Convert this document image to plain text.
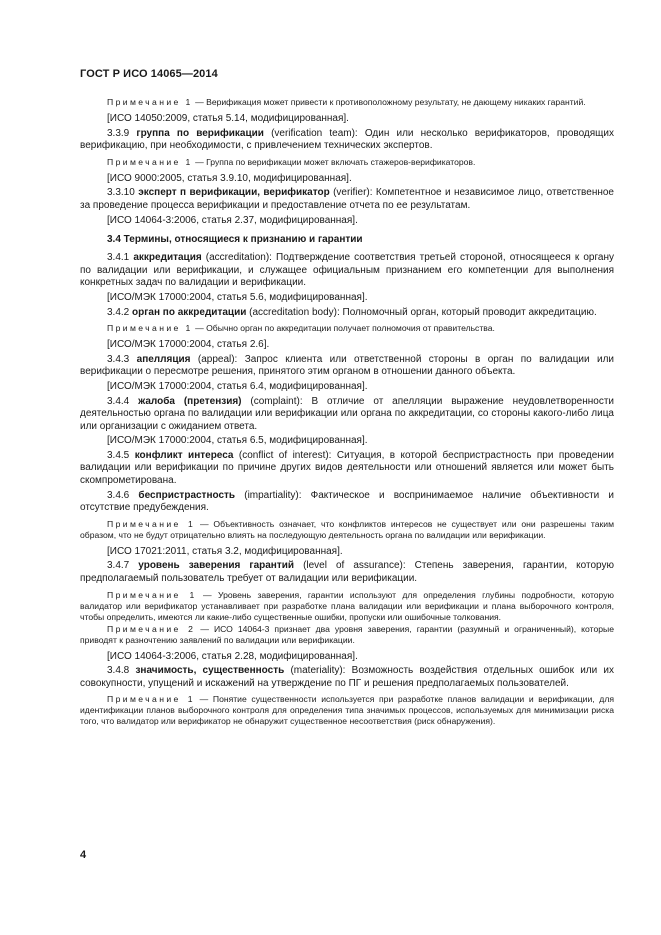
ГОСТ Р ИСО 14065—2014

Примечание 1 — Верификация может привести к противоположному результату, не дающему никаких гарантий.

[ИСО 14050:2009, статья 5.14, модифицированная].

3.3.9 группа по верификации (verification team): Один или несколько верификаторов, проводящих верификацию, при необходимости, с привлечением технических экспертов.

Примечание 1 — Группа по верификации может включать стажеров-верификаторов.

[ИСО 9000:2005, статья 3.9.10, модифицированная].

3.3.10 эксперт п верификации, верификатор (verifier): Компетентное и независимое лицо, ответственное за проведение процесса верификации и предоставление отчета по ее результатам.

[ИСО 14064-3:2006, статья 2.37, модифицированная].

3.4 Термины, относящиеся к признанию и гарантии

3.4.1 аккредитация (accreditation): Подтверждение соответствия третьей стороной, относящееся к органу по валидации или верификации, и служащее официальным признанием его компетенции для выполнения конкретных задач по валидации и верификации.

[ИСО/МЭК 17000:2004, статья 5.6, модифицированная].

3.4.2 орган по аккредитации (accreditation body): Полномочный орган, который проводит аккредитацию.

Примечание 1 — Обычно орган по аккредитации получает полномочия от правительства.

[ИСО/МЭК 17000:2004, статья 2.6].

3.4.3 апелляция (appeal): Запрос клиента или ответственной стороны в орган по валидации или верификации о пересмотре решения, принятого этим органом в отношении данного объекта.

[ИСО/МЭК 17000:2004, статья 6.4, модифицированная].

3.4.4 жалоба (претензия) (complaint): В отличие от апелляции выражение неудовлетворенности деятельностью органа по валидации или верификации или органа по аккредитации, со стороны какого-либо лица или организации с ожиданием ответа.

[ИСО/МЭК 17000:2004, статья 6.5, модифицированная].

3.4.5 конфликт интереса (conflict of interest): Ситуация, в которой беспристрастность при проведении валидации или верификации по причине других видов деятельности или отношений является или может быть скомпрометирована.

3.4.6 беспристрастность (impartiality): Фактическое и воспринимаемое наличие объективности и отсутствие предубеждения.

Примечание 1 — Объективность означает, что конфликтов интересов не существует или они разрешены таким образом, что не будут отрицательно влиять на последующую деятельность органа по валидации или верификации.

[ИСО 17021:2011, статья 3.2, модифицированная].

3.4.7 уровень заверения гарантий (level of assurance): Степень заверения, гарантии, которую предполагаемый пользователь требует от валидации или верификации.

Примечание 1 — Уровень заверения, гарантии используют для определения глубины подробности, которую валидатор или верификатор устанавливает при разработке плана валидации или верификации и плана выборочного контроля, чтобы определить, имеются ли какие-либо существенные ошибки, пропуски или ошибочные толкования.

Примечание 2 — ИСО 14064-3 признает два уровня заверения, гарантии (разумный и ограниченный), которые приводят к разночтению заявлений по валидации или верификации.

[ИСО 14064-3:2006, статья 2.28, модифицированная].

3.4.8 значимость, существенность (materiality): Возможность воздействия отдельных ошибок или их совокупности, упущений и искажений на утверждение по ПГ и решения предполагаемых пользователей.

Примечание 1 — Понятие существенности используется при разработке планов валидации и верификации, для идентификации планов выборочного контроля для определения типа значимых процессов, используемых для минимизации риска того, что валидатор или верификатор не обнаружит существенное несоответствия (риск обнаружения).

4
